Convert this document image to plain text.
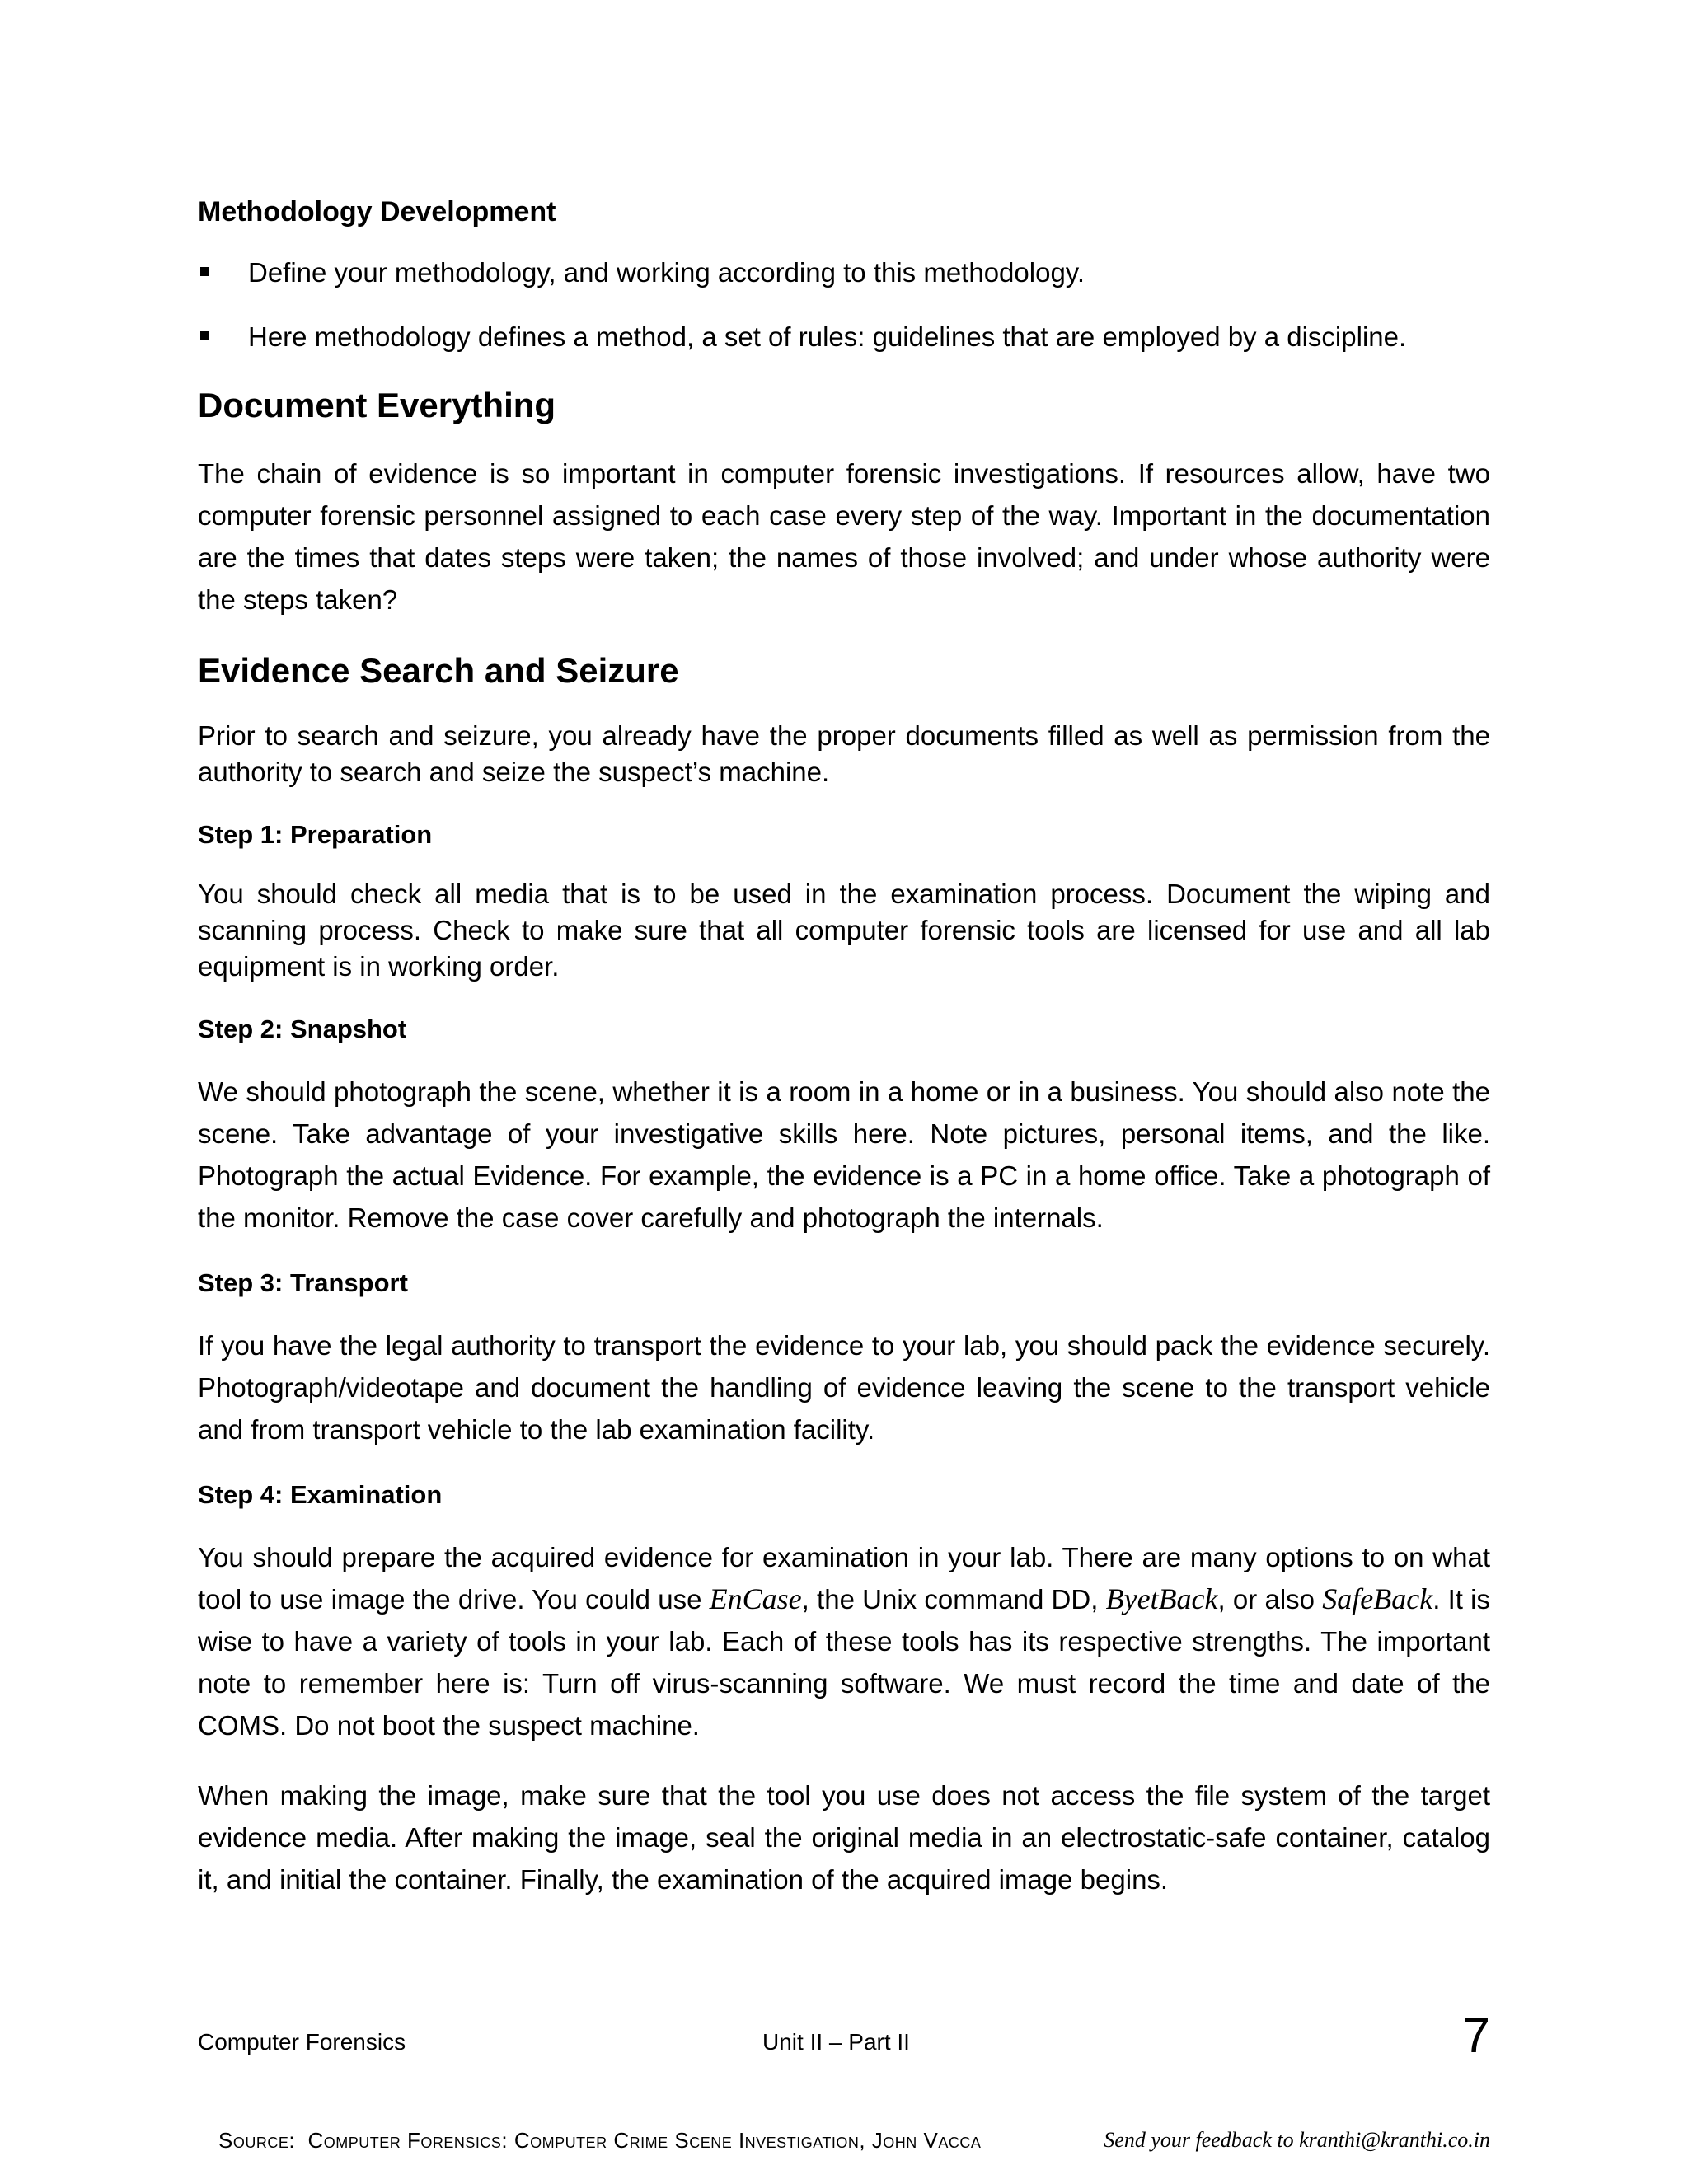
Methodology Development
Define your methodology, and working according to this methodology.
Here methodology defines a method, a set of rules: guidelines that are employed by a discipline.
Document Everything

The chain of evidence is so important in computer forensic investigations. If resources allow, have two computer forensic personnel assigned to each case every step of the way. Important in the documentation are the times that dates steps were taken; the names of those involved; and under whose authority were the steps taken?

Evidence Search and Seizure

Prior to search and seizure, you already have the proper documents filled as well as permission from the authority to search and seize the suspect’s machine.

Step 1: Preparation

You should check all media that is to be used in the examination process. Document the wiping and scanning process. Check to make sure that all computer forensic tools are licensed for use and all lab equipment is in working order.

Step 2: Snapshot

We should photograph the scene, whether it is a room in a home or in a business. You should also note the scene. Take advantage of your investigative skills here. Note pictures, personal items, and the like. Photograph the actual Evidence. For example, the evidence is a PC in a home office. Take a photograph of the monitor. Remove the case cover carefully and photograph the internals.

Step 3: Transport

If you have the legal authority to transport the evidence to your lab, you should pack the evidence securely. Photograph/videotape and document the handling of evidence leaving the scene to the transport vehicle and from transport vehicle to the lab examination facility.

Step 4: Examination

You should prepare the acquired evidence for examination in your lab. There are many options to on what tool to use image the drive. You could use EnCase, the Unix command DD, ByetBack, or also SafeBack. It is wise to have a variety of tools in your lab. Each of these tools has its respective strengths. The important note to remember here is: Turn off virus-scanning software. We must record the time and date of the COMS. Do not boot the suspect machine.

When making the image, make sure that the tool you use does not access the file system of the target evidence media. After making the image, seal the original media in an electrostatic-safe container, catalog it, and initial the container. Finally, the examination of the acquired image begins.

Computer Forensics	Unit II – Part II	7
Source: Computer Forensics: Computer Crime Scene Investigation, John Vacca	Send your feedback to kranthi@kranthi.co.in
